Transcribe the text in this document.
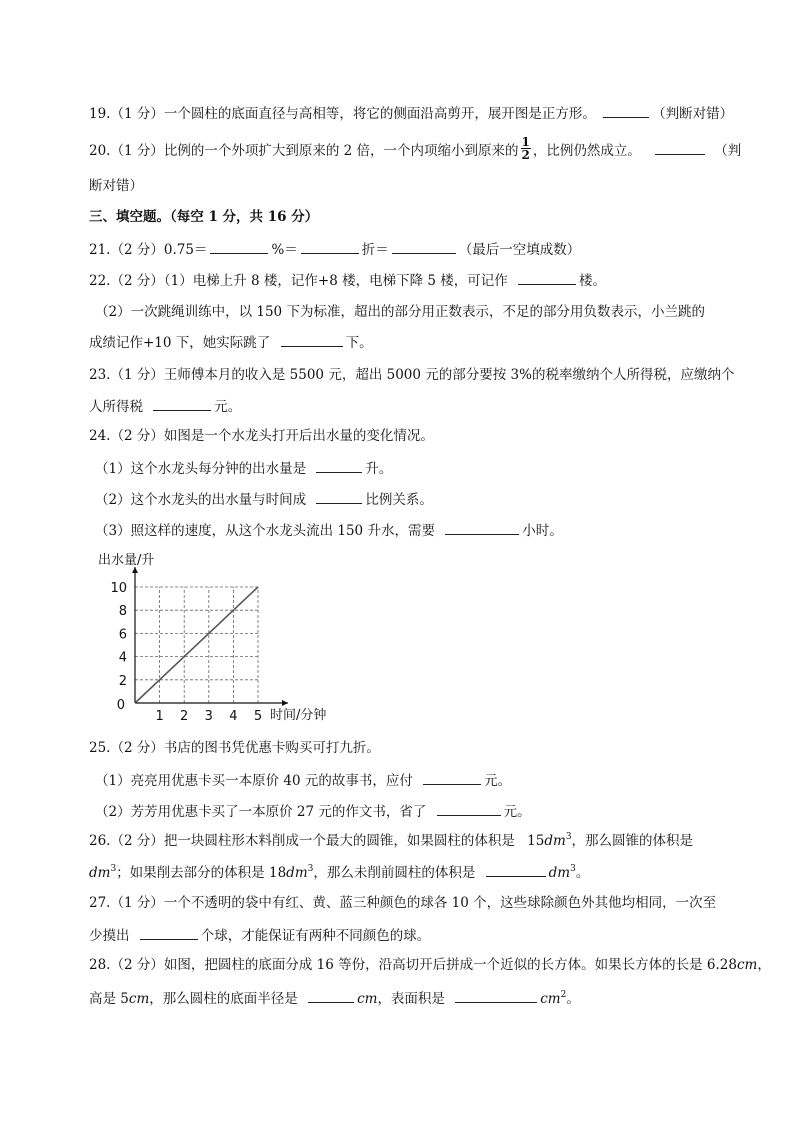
19.（1 分）一个圆柱的底面直径与高相等，将它的侧面沿高剪开，展开图是正方形。	（判断对错）
20.（1 分）比例的一个外项扩大到原来的 2 倍，一个内项缩小到原来的 $\frac{1}{2}$ ，比例仍然成立。	（判
断对错）
三、填空题。（每空 1 分，共 16 分）
21.（2 分）0.75＝	%＝	折＝	（最后一空填成数）
22.（2 分）（1）电梯上升 8 楼，记作+8 楼，电梯下降 5 楼，可记作	楼。
（2）一次跳绳训练中，以 150 下为标准，超出的部分用正数表示，不足的部分用负数表示，小兰跳的
成绩记作+10 下，她实际跳了	下。
23.（1 分）王师傅本月的收入是 5500 元，超出 5000 元的部分要按 3%的税率缴纳个人所得税，应缴纳个
人所得税	元。
24.（2 分）如图是一个水龙头打开后出水量的变化情况。
（1）这个水龙头每分钟的出水量是	升。
（2）这个水龙头的出水量与时间成	比例关系。
（3）照这样的速度，从这个水龙头流出 150 升水，需要	小时。
1 2 3 4 5
2
4
6
8
10
0
出水量/升
时间/分钟
25.（2 分）书店的图书凭优惠卡购买可打九折。
（1）亮亮用优惠卡买一本原价 40 元的故事书，应付	元。
（2）芳芳用优惠卡买了一本原价 27 元的作文书，省了	元。
26.（2 分）把一块圆柱形木料削成一个最大的圆锥，如果圆柱的体积是 $15dm^3$，那么圆锥的体积是
$dm^3$；如果削去部分的体积是 $18dm^3$，那么未削前圆柱的体积是	$dm^3$。
27.（1 分）一个不透明的袋中有红、黄、蓝三种颜色的球各 10 个，这些球除颜色外其他均相同，一次至
少摸出	个球，才能保证有两种不同颜色的球。
28.（2 分）如图，把圆柱的底面分成 16 等份，沿高切开后拼成一个近似的长方体。如果长方体的长是 6.28cm，
高是 5cm，那么圆柱的底面半径是	cm，表面积是	$cm^2$。
